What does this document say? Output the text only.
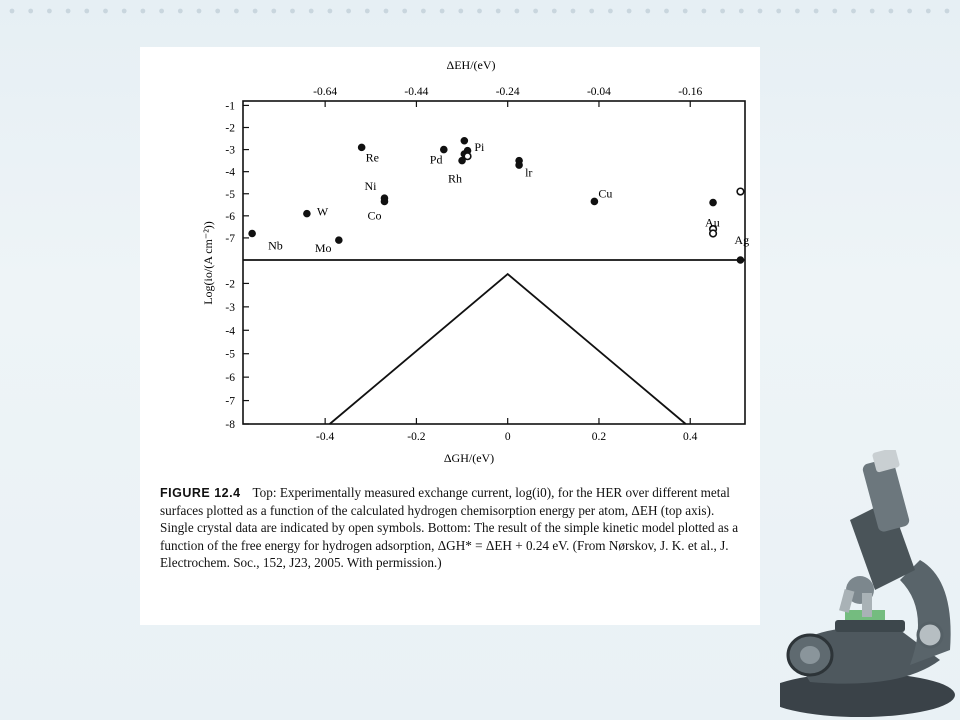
ΔEH/(eV)
-0.64	-0.44	-0.24	-0.04	-0.16
Log(io/(A cm⁻²))
-1
-2
-3
-4
-5
-6
-7
-2
-3
-4
-5
-6
-7
-8
-0.4	-0.2	0	0.2	0.4
Nb
W
Mo
Re
Ni
Co
Pd
Rh
Pi
lr
Cu
Au
Ag
ΔGH/(eV)
FIGURE 12.4 Top: Experimentally measured exchange current, log(i0), for the HER over different metal surfaces plotted as a function of the calculated hydrogen chemisorption energy per atom, ΔEH (top axis). Single crystal data are indicated by open symbols. Bottom: The result of the simple kinetic model plotted as a function of the free energy for hydrogen adsorption, ΔGH* = ΔEH + 0.24 eV. (From Nørskov, J. K. et al., J. Electrochem. Soc., 152, J23, 2005. With permission.)
